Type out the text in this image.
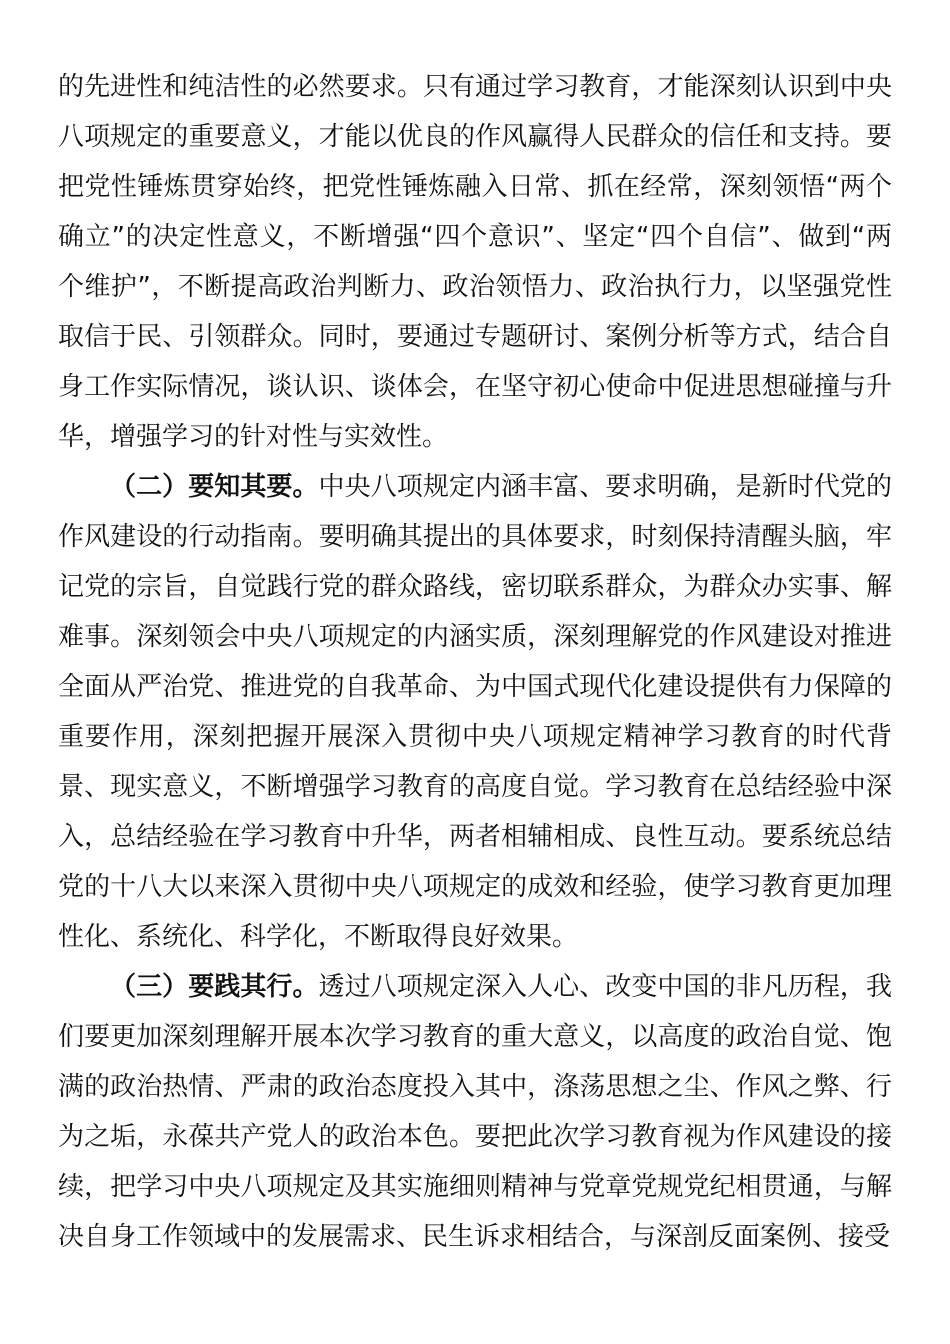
的先进性和纯洁性的必然要求。只有通过学习教育，才能深刻认识到中央八项规定的重要意义，才能以优良的作风赢得人民群众的信任和支持。要把党性锤炼贯穿始终，把党性锤炼融入日常、抓在经常，深刻领悟“两个确立”的决定性意义，不断增强“四个意识”、坚定“四个自信”、做到“两个维护”，不断提高政治判断力、政治领悟力、政治执行力，以坚强党性取信于民、引领群众。同时，要通过专题研讨、案例分析等方式，结合自身工作实际情况，谈认识、谈体会，在坚守初心使命中促进思想碰撞与升华，增强学习的针对性与实效性。

（二）要知其要。中央八项规定内涵丰富、要求明确，是新时代党的作风建设的行动指南。要明确其提出的具体要求，时刻保持清醒头脑，牢记党的宗旨，自觉践行党的群众路线，密切联系群众，为群众办实事、解难事。深刻领会中央八项规定的内涵实质，深刻理解党的作风建设对推进全面从严治党、推进党的自我革命、为中国式现代化建设提供有力保障的重要作用，深刻把握开展深入贯彻中央八项规定精神学习教育的时代背景、现实意义，不断增强学习教育的高度自觉。学习教育在总结经验中深入，总结经验在学习教育中升华，两者相辅相成、良性互动。要系统总结党的十八大以来深入贯彻中央八项规定的成效和经验，使学习教育更加理性化、系统化、科学化，不断取得良好效果。

（三）要践其行。透过八项规定深入人心、改变中国的非凡历程，我们要更加深刻理解开展本次学习教育的重大意义，以高度的政治自觉、饱满的政治热情、严肃的政治态度投入其中，涤荡思想之尘、作风之弊、行为之垢，永葆共产党人的政治本色。要把此次学习教育视为作风建设的接续，把学习中央八项规定及其实施细则精神与党章党规党纪相贯通，与解决自身工作领域中的发展需求、民生诉求相结合，与深剖反面案例、接受
